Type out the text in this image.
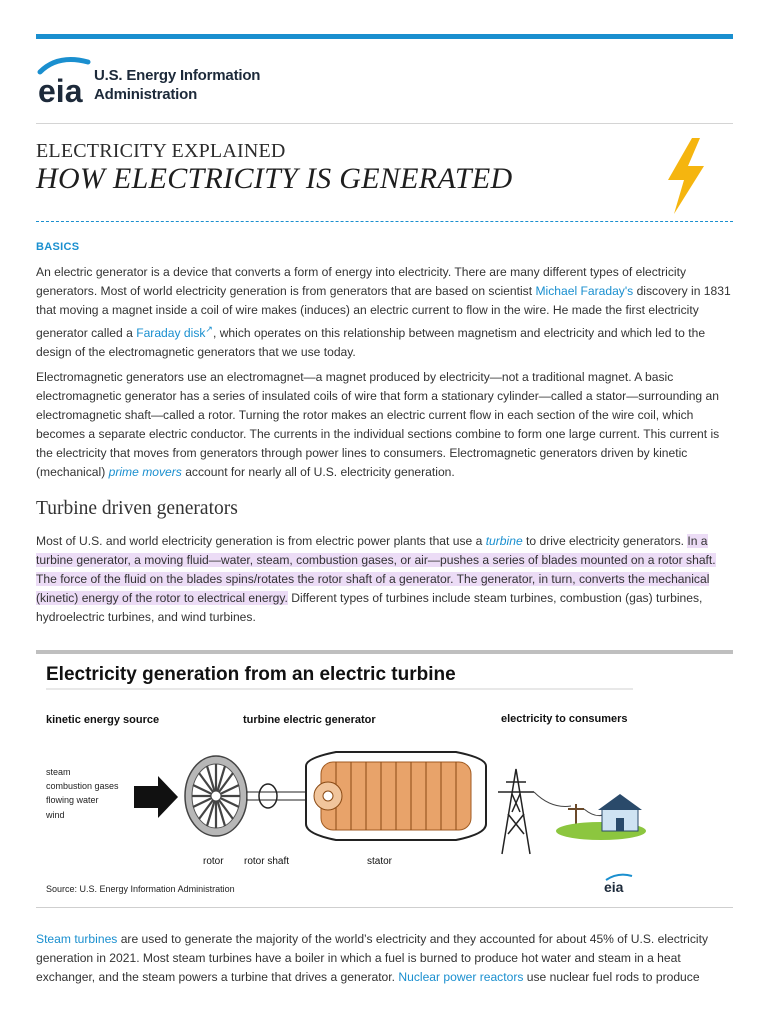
eia U.S. Energy Information
Administration
ELECTRICITY EXPLAINED
HOW ELECTRICITY IS GENERATED
BASICS

An electric generator is a device that converts a form of energy into electricity. There are many different types of electricity generators. Most of world electricity generation is from generators that are based on scientist Michael Faraday's discovery in 1831 that moving a magnet inside a coil of wire makes (induces) an electric current to flow in the wire. He made the first electricity generator called a Faraday disk↗, which operates on this relationship between magnetism and electricity and which led to the design of the electromagnetic generators that we use today.

Electromagnetic generators use an electromagnet—a magnet produced by electricity—not a traditional magnet. A basic electromagnetic generator has a series of insulated coils of wire that form a stationary cylinder—called a stator—surrounding an electromagnetic shaft—called a rotor. Turning the rotor makes an electric current flow in each section of the wire coil, which becomes a separate electric conductor. The currents in the individual sections combine to form one large current. This current is the electricity that moves from generators through power lines to consumers. Electromagnetic generators driven by kinetic (mechanical) prime movers account for nearly all of U.S. electricity generation.

Turbine driven generators

Most of U.S. and world electricity generation is from electric power plants that use a turbine to drive electricity generators. In a turbine generator, a moving fluid—water, steam, combustion gases, or air—pushes a series of blades mounted on a rotor shaft. The force of the fluid on the blades spins/rotates the rotor shaft of a generator. The generator, in turn, converts the mechanical (kinetic) energy of the rotor to electrical energy. Different types of turbines include steam turbines, combustion (gas) turbines, hydroelectric turbines, and wind turbines.

Electricity generation from an electric turbine
kinetic energy source	turbine electric generator	electricity to consumers
steam
combustion gases
flowing water
wind
rotor rotor shaft	stator
Source: U.S. Energy Information Administration	eia

Steam turbines are used to generate the majority of the world’s electricity and they accounted for about 45% of U.S. electricity generation in 2021. Most steam turbines have a boiler in which a fuel is burned to produce hot water and steam in a heat exchanger, and the steam powers a turbine that drives a generator. Nuclear power reactors use nuclear fuel rods to produce
